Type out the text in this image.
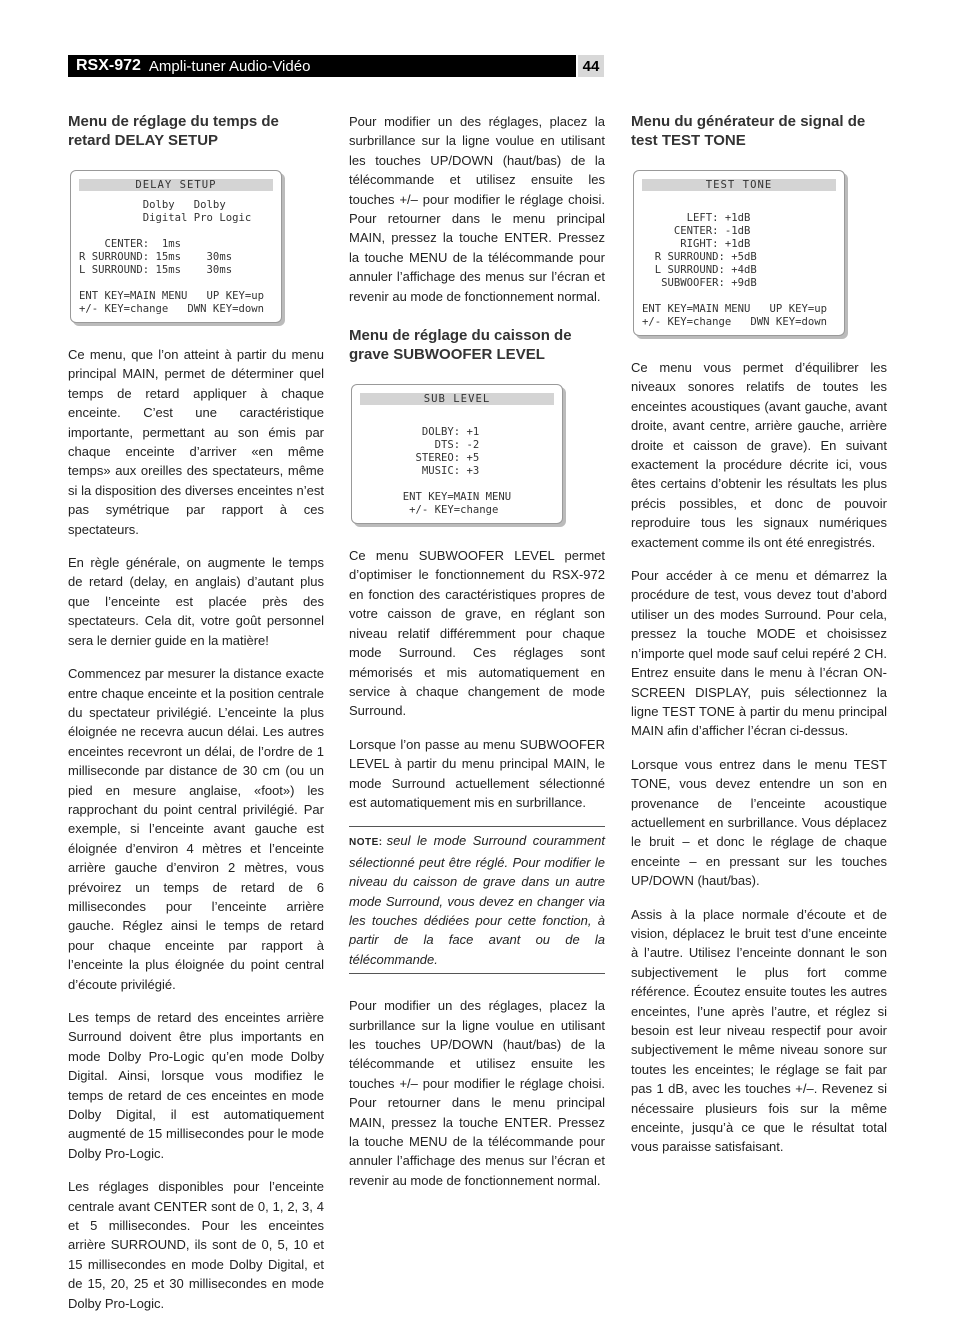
RSX-972 Ampli-tuner Audio-Vidéo	44
Menu de réglage du temps de retard DELAY SETUP
DELAY SETUP
Dolby   Dolby
Digital Pro Logic

CENTER:  1ms
R SURROUND: 15ms    30ms
L SURROUND: 15ms    30ms

ENT KEY=MAIN MENU   UP KEY=up
+/- KEY=change   DWN KEY=down

Ce menu, que l’on atteint à partir du menu principal MAIN, permet de déterminer quel temps de retard appliquer à chaque enceinte. C’est une caractéristique importante, permettant au son émis par chaque enceinte d’arriver «en même temps» aux oreilles des spectateurs, même si la disposition des diverses enceintes n’est pas symétrique par rapport à ces spectateurs.

En règle générale, on augmente le temps de retard (delay, en anglais) d’autant plus que l’enceinte est placée près des spectateurs. Cela dit, votre goût personnel sera le dernier guide en la matière!

Commencez par mesurer la distance exacte entre chaque enceinte et la position centrale du spectateur privilégié. L’enceinte la plus éloignée ne recevra aucun délai. Les autres enceintes recevront un délai, de l’ordre de 1 milliseconde par distance de 30 cm (ou un pied en mesure anglaise, «foot») les rapprochant du point central privilégié. Par exemple, si l’enceinte avant gauche est éloignée d’environ 4 mètres et l’enceinte arrière gauche d’environ 2 mètres, vous prévoirez un temps de retard de 6 millisecondes pour l’enceinte arrière gauche. Réglez ainsi le temps de retard pour chaque enceinte par rapport à l’enceinte la plus éloignée du point central d’écoute privilégié.

Les temps de retard des enceintes arrière Surround doivent être plus importants en mode Dolby Pro-Logic qu’en mode Dolby Digital. Ainsi, lorsque vous modifiez le temps de retard de ces enceintes en mode Dolby Digital, il est automatiquement augmenté de 15 millisecondes pour le mode Dolby Pro-Logic.

Les réglages disponibles pour l’enceinte centrale avant CENTER sont de 0, 1, 2, 3, 4 et 5 millisecondes. Pour les enceintes arrière SURROUND, ils sont de 0, 5, 10 et 15 millisecondes en mode Dolby Digital, et de 15, 20, 25 et 30 millisecondes en mode Dolby Pro-Logic.

Pour modifier un des réglages, placez la surbrillance sur la ligne voulue en utilisant les touches UP/DOWN (haut/bas) de la télécommande et utilisez ensuite les touches +/– pour modifier le réglage choisi. Pour retourner dans le menu principal MAIN, pressez la touche ENTER. Pressez la touche MENU de la télécommande pour annuler l’affichage des menus sur l’écran et revenir au mode de fonctionnement normal.

Menu de réglage du caisson de grave SUBWOOFER LEVEL
SUB LEVEL

DOLBY: +1
DTS: -2
STEREO: +5
MUSIC: +3

ENT KEY=MAIN MENU
+/- KEY=change

Ce menu SUBWOOFER LEVEL permet d’optimiser le fonctionnement du RSX-972 en fonction des caractéristiques propres de votre caisson de grave, en réglant son niveau relatif différemment pour chaque mode Surround. Ces réglages sont mémorisés et mis automatiquement en service à chaque changement de mode Surround.

Lorsque l’on passe au menu SUBWOOFER LEVEL à partir du menu principal MAIN, le mode Surround actuellement sélectionné est automatiquement mis en surbrillance.

NOTE: seul le mode Surround couramment sélectionné peut être réglé. Pour modifier le niveau du caisson de grave dans un autre mode Surround, vous devez en changer via les touches dédiées pour cette fonction, à partir de la face avant ou de la télécommande.

Pour modifier un des réglages, placez la surbrillance sur la ligne voulue en utilisant les touches UP/DOWN (haut/bas) de la télécommande et utilisez ensuite les touches +/– pour modifier le réglage choisi. Pour retourner dans le menu principal MAIN, pressez la touche ENTER. Pressez la touche MENU de la télécommande pour annuler l’affichage des menus sur l’écran et revenir au mode de fonctionnement normal.

Menu du générateur de signal de test TEST TONE
TEST TONE

LEFT: +1dB
CENTER: -1dB
RIGHT: +1dB
R SURROUND: +5dB
L SURROUND: +4dB
SUBWOOFER: +9dB

ENT KEY=MAIN MENU   UP KEY=up
+/- KEY=change   DWN KEY=down

Ce menu vous permet d’équilibrer les niveaux sonores relatifs de toutes les enceintes acoustiques (avant gauche, avant droite, avant centre, arrière gauche, arrière droite et caisson de grave). En suivant exactement la procédure décrite ici, vous êtes certains d’obtenir les résultats les plus précis possibles, et donc de pouvoir reproduire tous les signaux numériques exactement comme ils ont été enregistrés.

Pour accéder à ce menu et démarrez la procédure de test, vous devez tout d’abord utiliser un des modes Surround. Pour cela, pressez la touche MODE et choisissez n’importe quel mode sauf celui repéré 2 CH. Entrez ensuite dans le menu à l’écran ON-SCREEN DISPLAY, puis sélectionnez la ligne TEST TONE à partir du menu principal MAIN afin d’afficher l’écran ci-dessus.

Lorsque vous entrez dans le menu TEST TONE, vous devez entendre un son en provenance de l’enceinte acoustique actuellement en surbrillance. Vous déplacez le bruit – et donc le réglage de chaque enceinte – en pressant sur les touches UP/DOWN (haut/bas).

Assis à la place normale d’écoute et de vision, déplacez le bruit test d’une enceinte à l’autre. Utilisez l’enceinte donnant le son subjectivement le plus fort comme référence. Écoutez ensuite toutes les autres enceintes, l’une après l’autre, et réglez si besoin est leur niveau respectif pour avoir subjectivement le même niveau sonore sur toutes les enceintes; le réglage se fait par pas 1 dB, avec les touches +/–. Revenez si nécessaire plusieurs fois sur la même enceinte, jusqu’à ce que le résultat total vous paraisse satisfaisant.
